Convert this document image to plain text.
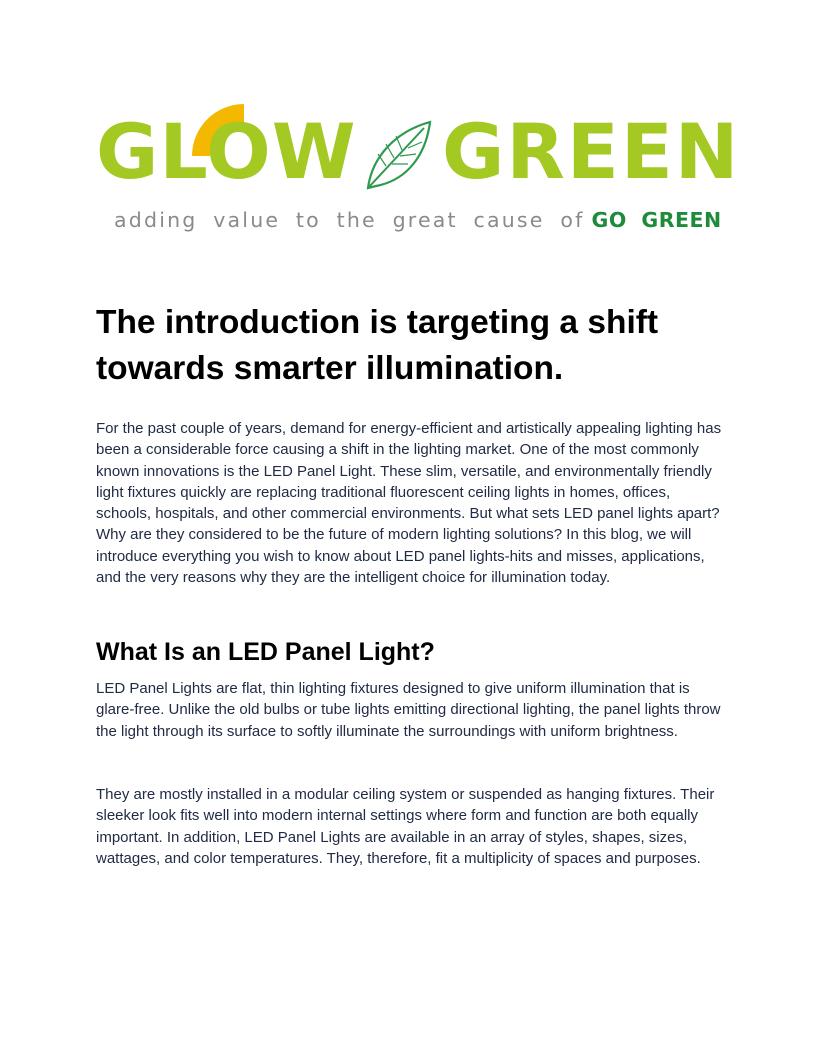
GLOW GREEN
adding value to the great cause of GO GREEN
The introduction is targeting a shift towards smarter illumination.

For the past couple of years, demand for energy-efficient and artistically appealing lighting has been a considerable force causing a shift in the lighting market. One of the most commonly known innovations is the LED Panel Light. These slim, versatile, and environmentally friendly light fixtures quickly are replacing traditional fluorescent ceiling lights in homes, offices, schools, hospitals, and other commercial environments. But what sets LED panel lights apart? Why are they considered to be the future of modern lighting solutions? In this blog, we will introduce everything you wish to know about LED panel lights-hits and misses, applications, and the very reasons why they are the intelligent choice for illumination today.

What Is an LED Panel Light?

LED Panel Lights are flat, thin lighting fixtures designed to give uniform illumination that is glare-free. Unlike the old bulbs or tube lights emitting directional lighting, the panel lights throw the light through its surface to softly illuminate the surroundings with uniform brightness.

They are mostly installed in a modular ceiling system or suspended as hanging fixtures. Their sleeker look fits well into modern internal settings where form and function are both equally important. In addition, LED Panel Lights are available in an array of styles, shapes, sizes, wattages, and color temperatures. They, therefore, fit a multiplicity of spaces and purposes.
